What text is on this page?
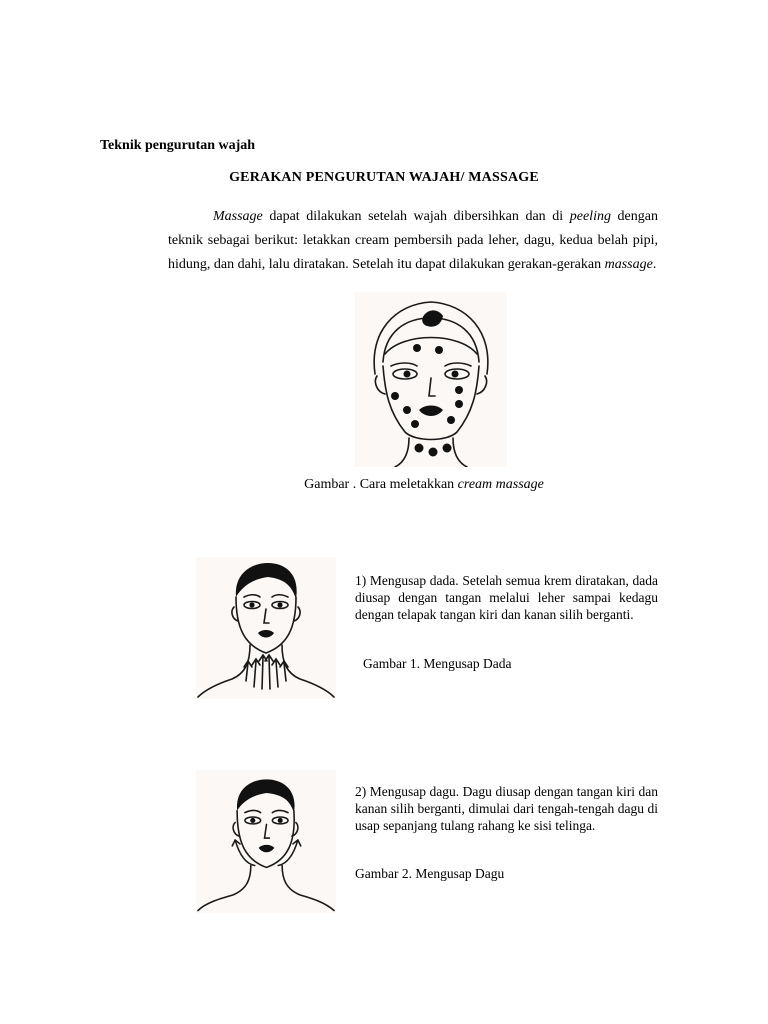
Teknik pengurutan wajah
GERAKAN PENGURUTAN WAJAH/ MASSAGE
Massage dapat dilakukan setelah wajah dibersihkan dan di peeling dengan teknik sebagai berikut: letakkan cream pembersih pada leher, dagu, kedua belah pipi, hidung, dan dahi, lalu diratakan. Setelah itu dapat dilakukan gerakan-gerakan massage.
Gambar . Cara meletakkan cream massage
1) Mengusap dada. Setelah semua krem diratakan, dada diusap dengan tangan melalui leher sampai kedagu dengan telapak tangan kiri dan kanan silih berganti.
Gambar 1. Mengusap Dada
2) Mengusap dagu. Dagu diusap dengan tangan kiri dan kanan silih berganti, dimulai dari tengah-tengah dagu di usap sepanjang tulang rahang ke sisi telinga.
Gambar 2. Mengusap Dagu
